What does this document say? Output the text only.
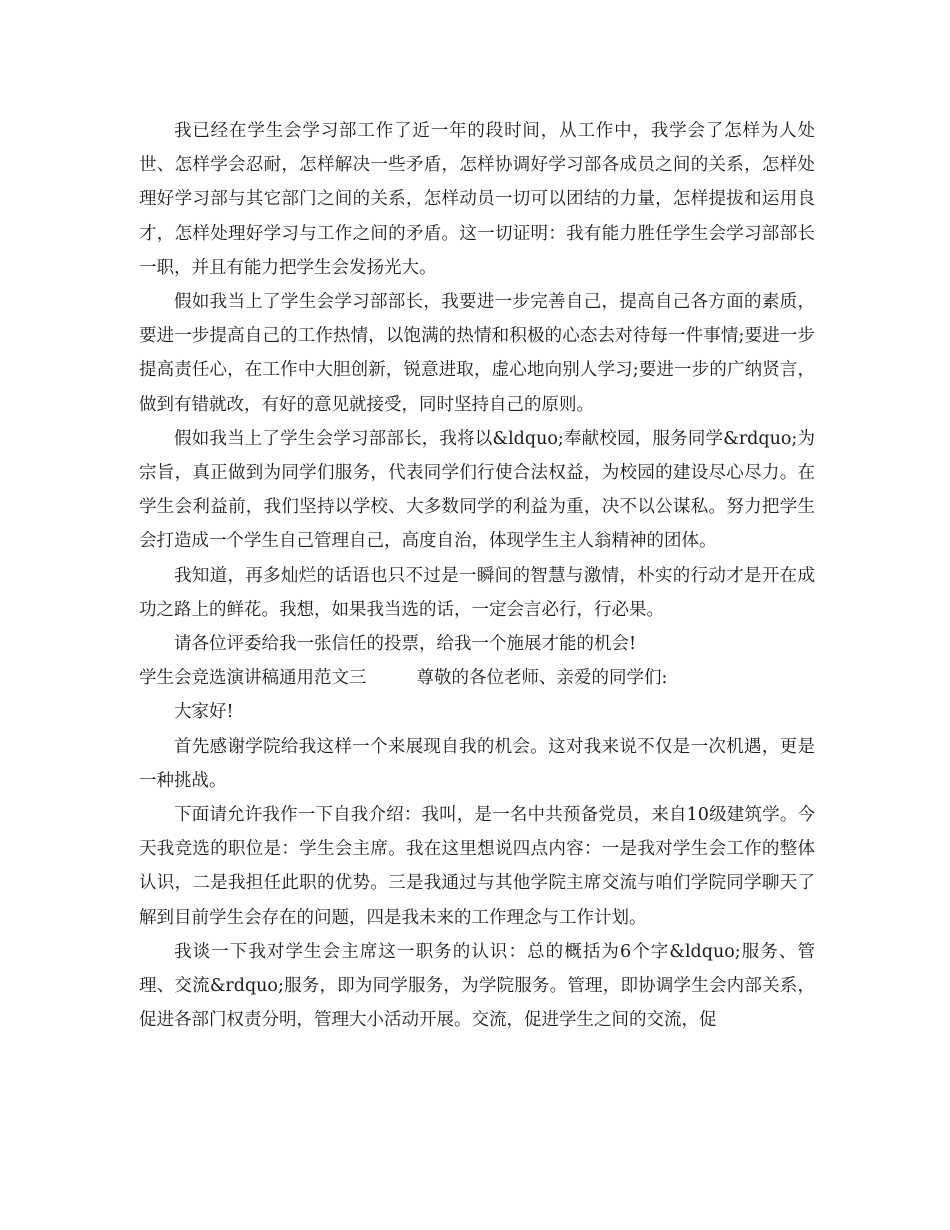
我已经在学生会学习部工作了近一年的段时间，从工作中，我学会了怎样为人处世、怎样学会忍耐，怎样解决一些矛盾，怎样协调好学习部各成员之间的关系，怎样处理好学习部与其它部门之间的关系，怎样动员一切可以团结的力量，怎样提拔和运用良才，怎样处理好学习与工作之间的矛盾。这一切证明：我有能力胜任学生会学习部部长一职，并且有能力把学生会发扬光大。

假如我当上了学生会学习部部长，我要进一步完善自己，提高自己各方面的素质，要进一步提高自己的工作热情，以饱满的热情和积极的心态去对待每一件事情;要进一步提高责任心，在工作中大胆创新，锐意进取，虚心地向别人学习;要进一步的广纳贤言，做到有错就改，有好的意见就接受，同时坚持自己的原则。

假如我当上了学生会学习部部长，我将以&ldquo;奉献校园，服务同学&rdquo;为宗旨，真正做到为同学们服务，代表同学们行使合法权益，为校园的建设尽心尽力。在学生会利益前，我们坚持以学校、大多数同学的利益为重，决不以公谋私。努力把学生会打造成一个学生自己管理自己，高度自治，体现学生主人翁精神的团体。

我知道，再多灿烂的话语也只不过是一瞬间的智慧与激情，朴实的行动才是开在成功之路上的鲜花。我想，如果我当选的话，一定会言必行，行必果。

请各位评委给我一张信任的投票，给我一个施展才能的机会!

学生会竞选演讲稿通用范文三	尊敬的各位老师、亲爱的同学们:

大家好!

首先感谢学院给我这样一个来展现自我的机会。这对我来说不仅是一次机遇，更是一种挑战。

下面请允许我作一下自我介绍：我叫，是一名中共预备党员，来自10级建筑学。今天我竞选的职位是：学生会主席。我在这里想说四点内容：一是我对学生会工作的整体认识，二是我担任此职的优势。三是我通过与其他学院主席交流与咱们学院同学聊天了解到目前学生会存在的问题，四是我未来的工作理念与工作计划。

我谈一下我对学生会主席这一职务的认识：总的概括为6个字&ldquo;服务、管理、交流&rdquo;服务，即为同学服务，为学院服务。管理，即协调学生会内部关系，促进各部门权责分明，管理大小活动开展。交流，促进学生之间的交流，促
